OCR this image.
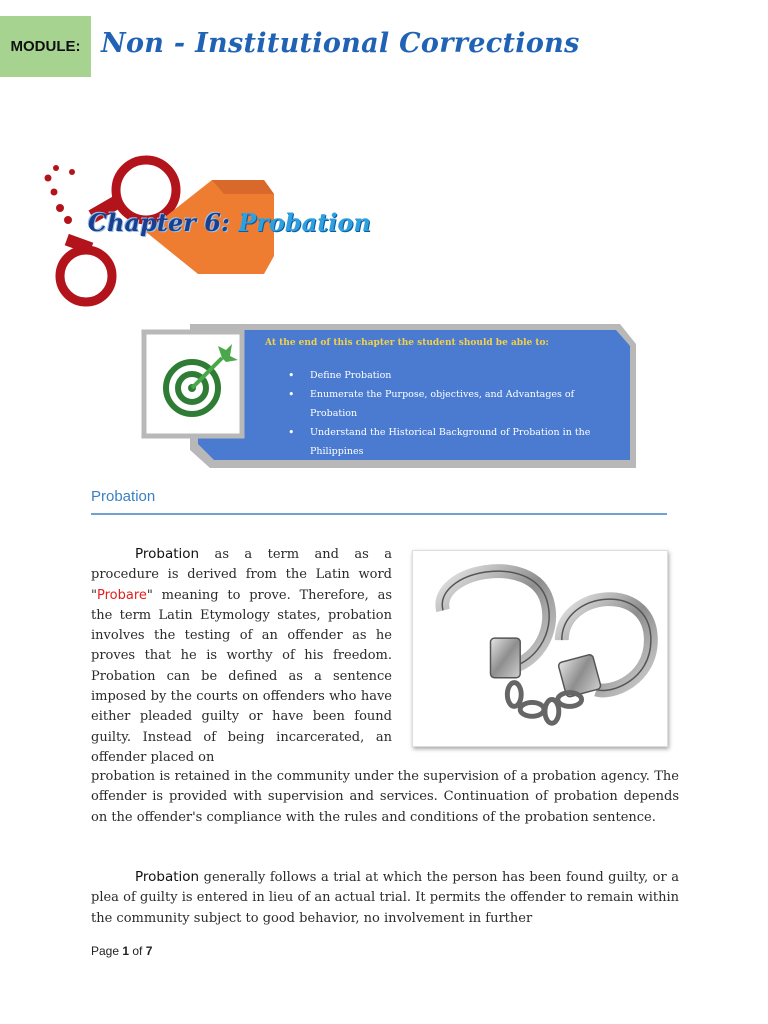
MODULE: Non - Institutional Corrections
Chapter 6: Probation
At the end of this chapter the student should be able to:
• Define Probation
• Enumerate the Purpose, objectives, and Advantages of Probation
• Understand the Historical Background of Probation in the Philippines
Probation
Probation as a term and as a procedure is derived from the Latin word "Probare" meaning to prove. Therefore, as the term Latin Etymology states, probation involves the testing of an offender as he proves that he is worthy of his freedom. Probation can be defined as a sentence imposed by the courts on offenders who have either pleaded guilty or have been found guilty. Instead of being incarcerated, an offender placed on
probation is retained in the community under the supervision of a probation agency. The offender is provided with supervision and services. Continuation of probation depends on the offender's compliance with the rules and conditions of the probation sentence.
Probation generally follows a trial at which the person has been found guilty, or a plea of guilty is entered in lieu of an actual trial. It permits the offender to remain within the community subject to good behavior, no involvement in further
Page 1 of 7
